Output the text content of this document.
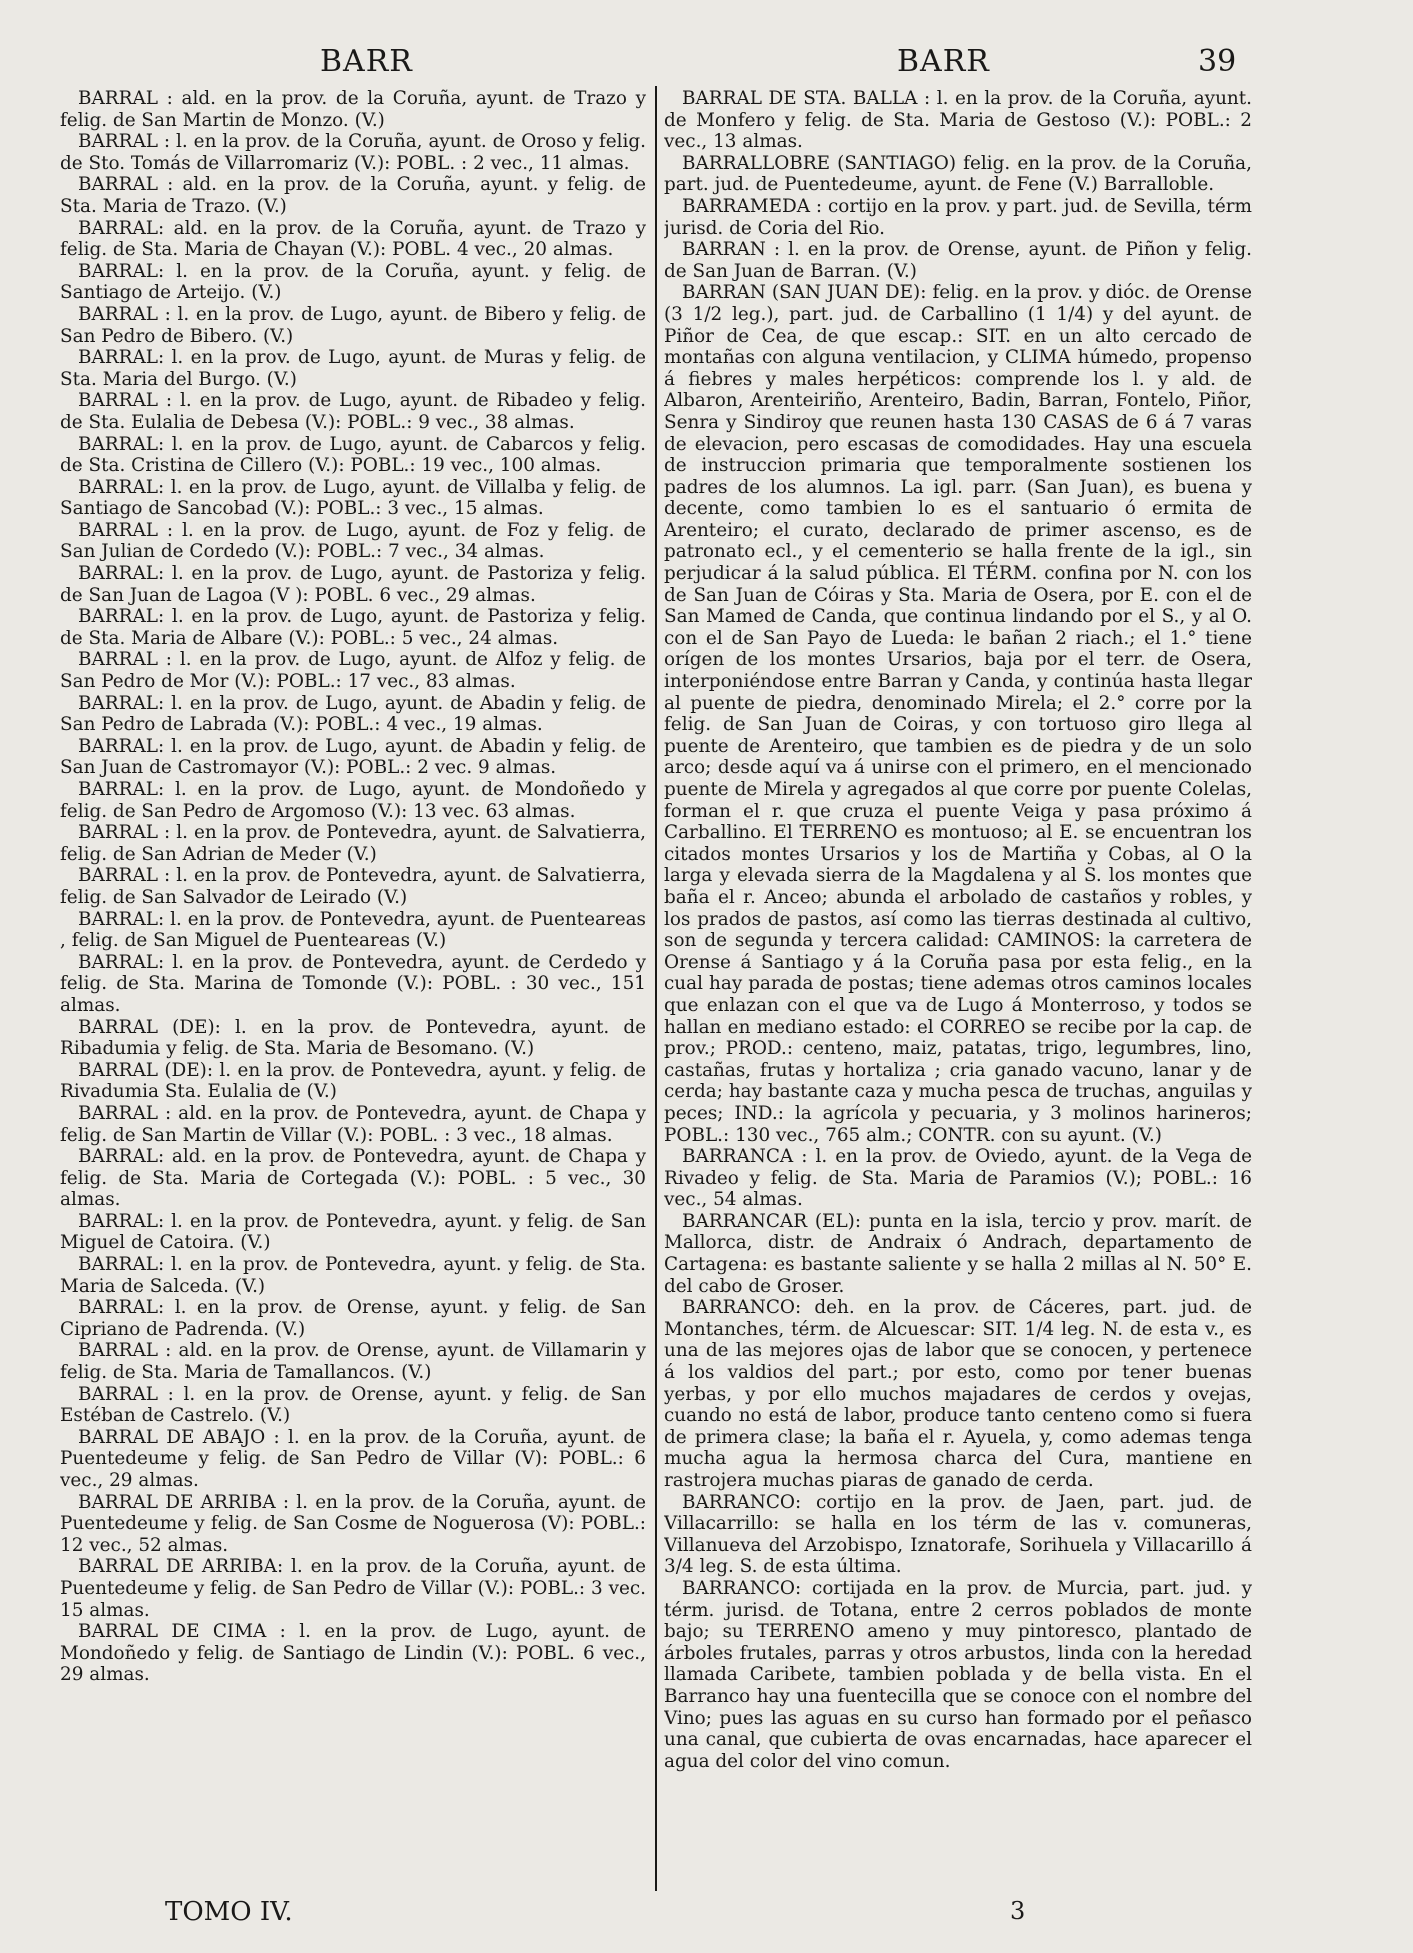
BARR	BARR	39

BARRAL : ald. en la prov. de la Coruña, ayunt. de Trazo y felig. de San Martin de Monzo. (V.)

BARRAL : l. en la prov. de la Coruña, ayunt. de Oroso y felig. de Sto. Tomás de Villarromariz (V.): POBL. : 2 vec., 11 almas.

BARRAL : ald. en la prov. de la Coruña, ayunt. y felig. de Sta. Maria de Trazo. (V.)

BARRAL: ald. en la prov. de la Coruña, ayunt. de Trazo y felig. de Sta. Maria de Chayan (V.): POBL. 4 vec., 20 almas.

BARRAL: l. en la prov. de la Coruña, ayunt. y felig. de Santiago de Arteijo. (V.)

BARRAL : l. en la prov. de Lugo, ayunt. de Bibero y felig. de San Pedro de Bibero. (V.)

BARRAL: l. en la prov. de Lugo, ayunt. de Muras y felig. de Sta. Maria del Burgo. (V.)

BARRAL : l. en la prov. de Lugo, ayunt. de Ribadeo y felig. de Sta. Eulalia de Debesa (V.): POBL.: 9 vec., 38 almas.

BARRAL: l. en la prov. de Lugo, ayunt. de Cabarcos y felig. de Sta. Cristina de Cillero (V.): POBL.: 19 vec., 100 almas.

BARRAL: l. en la prov. de Lugo, ayunt. de Villalba y felig. de Santiago de Sancobad (V.): POBL.: 3 vec., 15 almas.

BARRAL : l. en la prov. de Lugo, ayunt. de Foz y felig. de San Julian de Cordedo (V.): POBL.: 7 vec., 34 almas.

BARRAL: l. en la prov. de Lugo, ayunt. de Pastoriza y felig. de San Juan de Lagoa (V ): POBL. 6 vec., 29 almas.

BARRAL: l. en la prov. de Lugo, ayunt. de Pastoriza y felig. de Sta. Maria de Albare (V.): POBL.: 5 vec., 24 almas.

BARRAL : l. en la prov. de Lugo, ayunt. de Alfoz y felig. de San Pedro de Mor (V.): POBL.: 17 vec., 83 almas.

BARRAL: l. en la prov. de Lugo, ayunt. de Abadin y felig. de San Pedro de Labrada (V.): POBL.: 4 vec., 19 almas.

BARRAL: l. en la prov. de Lugo, ayunt. de Abadin y felig. de San Juan de Castromayor (V.): POBL.: 2 vec. 9 almas.

BARRAL: l. en la prov. de Lugo, ayunt. de Mondoñedo y felig. de San Pedro de Argomoso (V.): 13 vec. 63 almas.

BARRAL : l. en la prov. de Pontevedra, ayunt. de Salvatierra, felig. de San Adrian de Meder (V.)

BARRAL : l. en la prov. de Pontevedra, ayunt. de Salvatierra, felig. de San Salvador de Leirado (V.)

BARRAL: l. en la prov. de Pontevedra, ayunt. de Puenteareas , felig. de San Miguel de Puenteareas (V.)

BARRAL: l. en la prov. de Pontevedra, ayunt. de Cerdedo y felig. de Sta. Marina de Tomonde (V.): POBL. : 30 vec., 151 almas.

BARRAL (DE): l. en la prov. de Pontevedra, ayunt. de Ribadumia y felig. de Sta. Maria de Besomano. (V.)

BARRAL (DE): l. en la prov. de Pontevedra, ayunt. y felig. de Rivadumia Sta. Eulalia de (V.)

BARRAL : ald. en la prov. de Pontevedra, ayunt. de Chapa y felig. de San Martin de Villar (V.): POBL. : 3 vec., 18 almas.

BARRAL: ald. en la prov. de Pontevedra, ayunt. de Chapa y felig. de Sta. Maria de Cortegada (V.): POBL. : 5 vec., 30 almas.

BARRAL: l. en la prov. de Pontevedra, ayunt. y felig. de San Miguel de Catoira. (V.)

BARRAL: l. en la prov. de Pontevedra, ayunt. y felig. de Sta. Maria de Salceda. (V.)

BARRAL: l. en la prov. de Orense, ayunt. y felig. de San Cipriano de Padrenda. (V.)

BARRAL : ald. en la prov. de Orense, ayunt. de Villamarin y felig. de Sta. Maria de Tamallancos. (V.)

BARRAL : l. en la prov. de Orense, ayunt. y felig. de San Estéban de Castrelo. (V.)

BARRAL DE ABAJO : l. en la prov. de la Coruña, ayunt. de Puentedeume y felig. de San Pedro de Villar (V): POBL.: 6 vec., 29 almas.

BARRAL DE ARRIBA : l. en la prov. de la Coruña, ayunt. de Puentedeume y felig. de San Cosme de Noguerosa (V): POBL.: 12 vec., 52 almas.

BARRAL DE ARRIBA: l. en la prov. de la Coruña, ayunt. de Puentedeume y felig. de San Pedro de Villar (V.): POBL.: 3 vec. 15 almas.

BARRAL DE CIMA : l. en la prov. de Lugo, ayunt. de Mondoñedo y felig. de Santiago de Lindin (V.): POBL. 6 vec., 29 almas.

BARRAL DE STA. BALLA : l. en la prov. de la Coruña, ayunt. de Monfero y felig. de Sta. Maria de Gestoso (V.): POBL.: 2 vec., 13 almas.

BARRALLOBRE (SANTIAGO) felig. en la prov. de la Coruña, part. jud. de Puentedeume, ayunt. de Fene (V.) Barralloble.

BARRAMEDA : cortijo en la prov. y part. jud. de Sevilla, térm jurisd. de Coria del Rio.

BARRAN : l. en la prov. de Orense, ayunt. de Piñon y felig. de San Juan de Barran. (V.)

BARRAN (SAN JUAN DE): felig. en la prov. y dióc. de Orense (3 1/2 leg.), part. jud. de Carballino (1 1/4) y del ayunt. de Piñor de Cea, de que escap.: SIT. en un alto cercado de montañas con alguna ventilacion, y CLIMA húmedo, propenso á fiebres y males herpéticos: comprende los l. y ald. de Albaron, Arenteiriño, Arenteiro, Badin, Barran, Fontelo, Piñor, Senra y Sindiroy que reunen hasta 130 CASAS de 6 á 7 varas de elevacion, pero escasas de comodidades. Hay una escuela de instruccion primaria que temporalmente sostienen los padres de los alumnos. La igl. parr. (San Juan), es buena y decente, como tambien lo es el santuario ó ermita de Arenteiro; el curato, declarado de primer ascenso, es de patronato ecl., y el cementerio se halla frente de la igl., sin perjudicar á la salud pública. El TÉRM. confina por N. con los de San Juan de Cóiras y Sta. Maria de Osera, por E. con el de San Mamed de Canda, que continua lindando por el S., y al O. con el de San Payo de Lueda: le bañan 2 riach.; el 1.° tiene orígen de los montes Ursarios, baja por el terr. de Osera, interponiéndose entre Barran y Canda, y continúa hasta llegar al puente de piedra, denominado Mirela; el 2.° corre por la felig. de San Juan de Coiras, y con tortuoso giro llega al puente de Arenteiro, que tambien es de piedra y de un solo arco; desde aquí va á unirse con el primero, en el mencionado puente de Mirela y agregados al que corre por puente Colelas, forman el r. que cruza el puente Veiga y pasa próximo á Carballino. El TERRENO es montuoso; al E. se encuentran los citados montes Ursarios y los de Martiña y Cobas, al O la larga y elevada sierra de la Magdalena y al S. los montes que baña el r. Anceo; abunda el arbolado de castaños y robles, y los prados de pastos, así como las tierras destinada al cultivo, son de segunda y tercera calidad: CAMINOS: la carretera de Orense á Santiago y á la Coruña pasa por esta felig., en la cual hay parada de postas; tiene ademas otros caminos locales que enlazan con el que va de Lugo á Monterroso, y todos se hallan en mediano estado: el CORREO se recibe por la cap. de prov.; PROD.: centeno, maiz, patatas, trigo, legumbres, lino, castañas, frutas y hortaliza ; cria ganado vacuno, lanar y de cerda; hay bastante caza y mucha pesca de truchas, anguilas y peces; IND.: la agrícola y pecuaria, y 3 molinos harineros; POBL.: 130 vec., 765 alm.; CONTR. con su ayunt. (V.)

BARRANCA : l. en la prov. de Oviedo, ayunt. de la Vega de Rivadeo y felig. de Sta. Maria de Paramios (V.); POBL.: 16 vec., 54 almas.

BARRANCAR (EL): punta en la isla, tercio y prov. marít. de Mallorca, distr. de Andraix ó Andrach, departamento de Cartagena: es bastante saliente y se halla 2 millas al N. 50° E. del cabo de Groser.

BARRANCO: deh. en la prov. de Cáceres, part. jud. de Montanches, térm. de Alcuescar: SIT. 1/4 leg. N. de esta v., es una de las mejores ojas de labor que se conocen, y pertenece á los valdios del part.; por esto, como por tener buenas yerbas, y por ello muchos majadares de cerdos y ovejas, cuando no está de labor, produce tanto centeno como si fuera de primera clase; la baña el r. Ayuela, y, como ademas tenga mucha agua la hermosa charca del Cura, mantiene en rastrojera muchas piaras de ganado de cerda.

BARRANCO: cortijo en la prov. de Jaen, part. jud. de Villacarrillo: se halla en los térm de las v. comuneras, Villanueva del Arzobispo, Iznatorafe, Sorihuela y Villacarillo á 3/4 leg. S. de esta última.

BARRANCO: cortijada en la prov. de Murcia, part. jud. y térm. jurisd. de Totana, entre 2 cerros poblados de monte bajo; su TERRENO ameno y muy pintoresco, plantado de árboles frutales, parras y otros arbustos, linda con la heredad llamada Caribete, tambien poblada y de bella vista. En el Barranco hay una fuentecilla que se conoce con el nombre del Vino; pues las aguas en su curso han formado por el peñasco una canal, que cubierta de ovas encarnadas, hace aparecer el agua del color del vino comun.

TOMO IV.	3
